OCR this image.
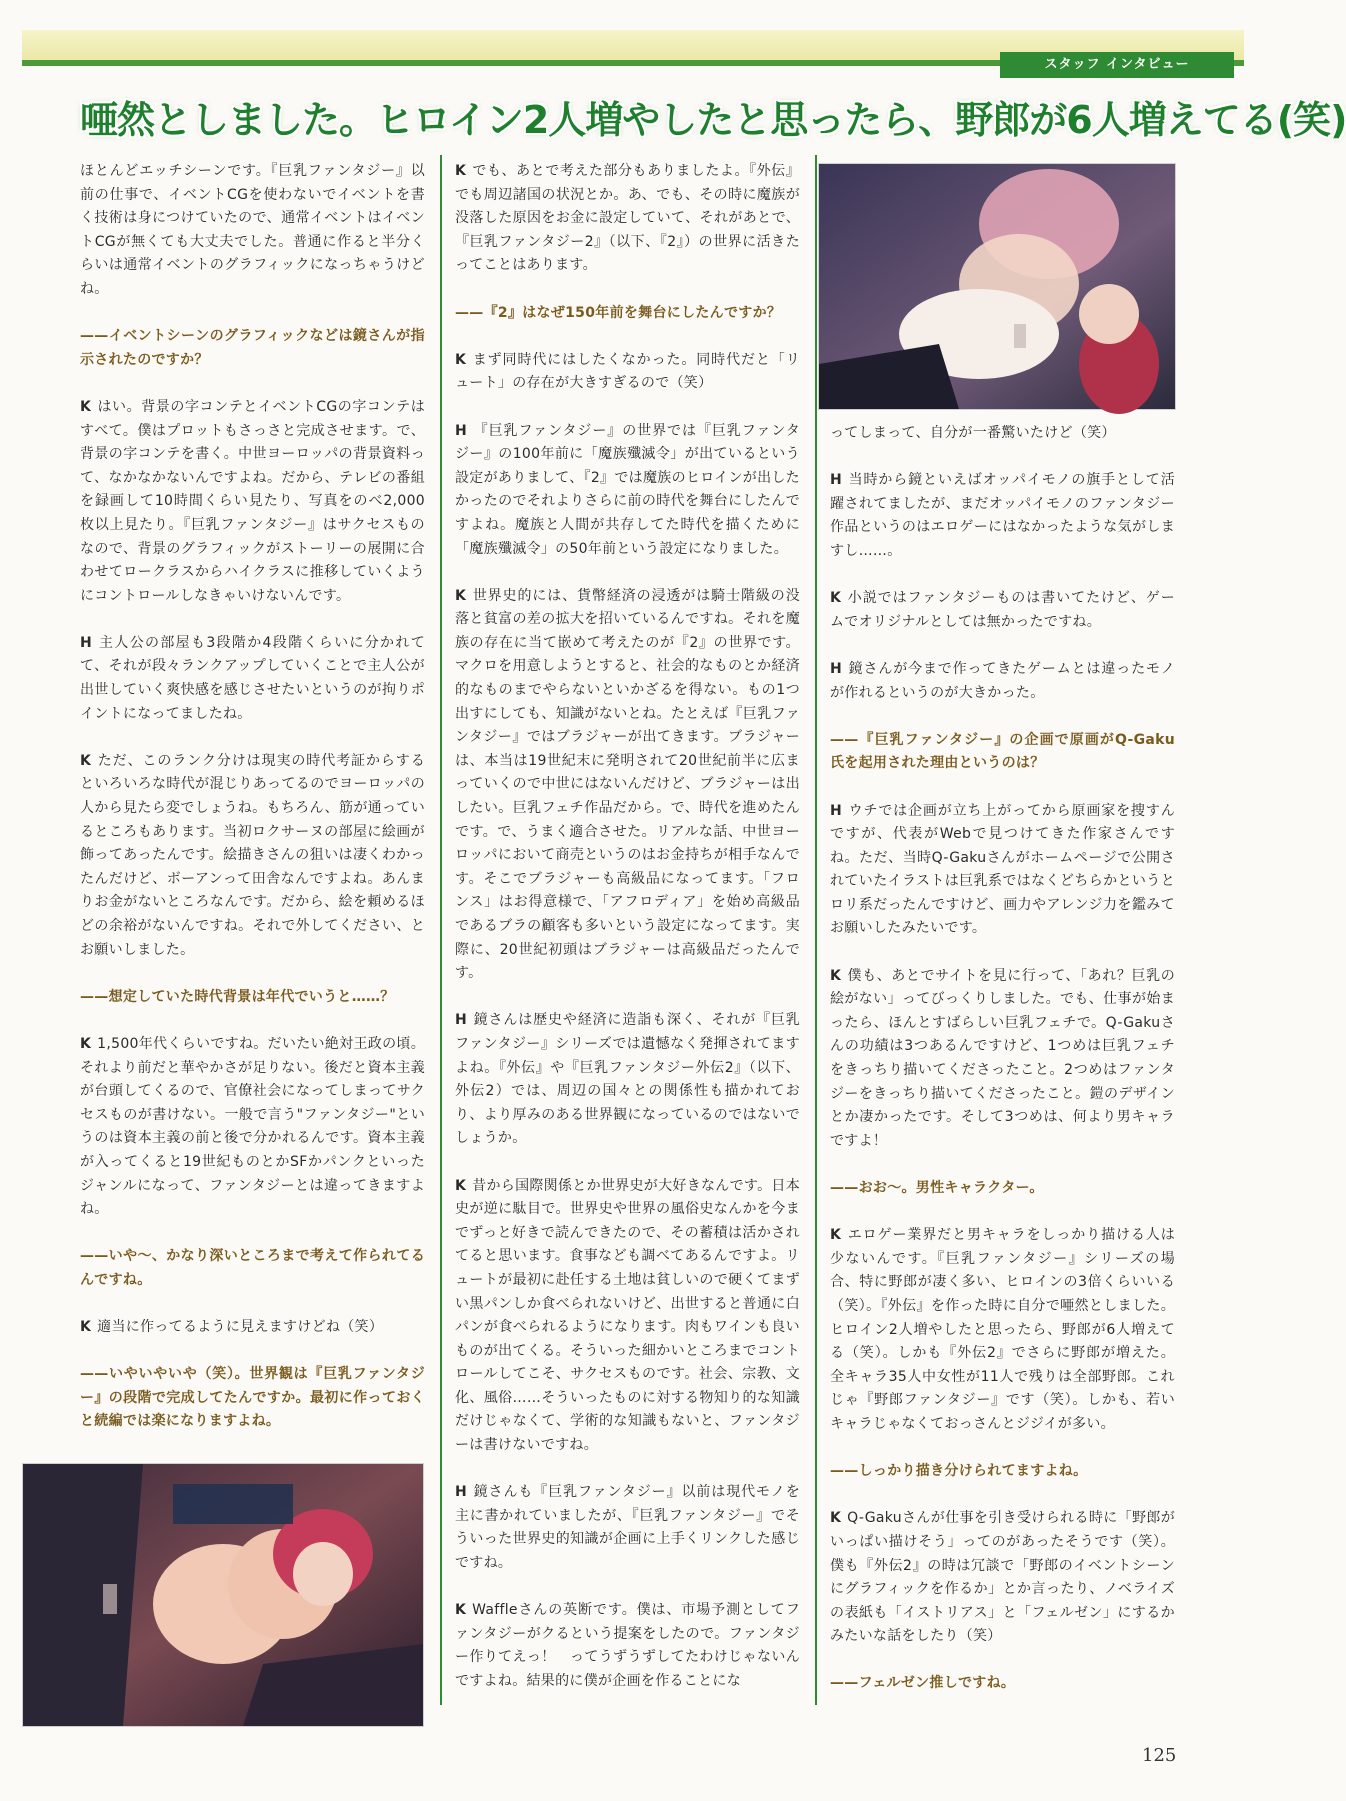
スタッフ インタビュー
唖然としました。ヒロイン2人増やしたと思ったら、野郎が6人増えてる(笑)

ほとんどエッチシーンです。『巨乳ファンタジー』以前の仕事で、イベントCGを使わないでイベントを書く技術は身につけていたので、通常イベントはイベントCGが無くても大丈夫でした。普通に作ると半分くらいは通常イベントのグラフィックになっちゃうけどね。

——イベントシーンのグラフィックなどは鏡さんが指示されたのですか？

K はい。背景の字コンテとイベントCGの字コンテはすべて。僕はプロットもさっさと完成させます。で、背景の字コンテを書く。中世ヨーロッパの背景資料って、なかなかないんですよね。だから、テレビの番組を録画して10時間くらい見たり、写真をのべ2,000枚以上見たり。『巨乳ファンタジー』はサクセスものなので、背景のグラフィックがストーリーの展開に合わせてロークラスからハイクラスに推移していくようにコントロールしなきゃいけないんです。

H 主人公の部屋も3段階か4段階くらいに分かれてて、それが段々ランクアップしていくことで主人公が出世していく爽快感を感じさせたいというのが拘りポイントになってましたね。

K ただ、このランク分けは現実の時代考証からするといろいろな時代が混じりあってるのでヨーロッパの人から見たら変でしょうね。もちろん、筋が通っているところもあります。当初ロクサーヌの部屋に絵画が飾ってあったんです。絵描きさんの狙いは凄くわかったんだけど、ボーアンって田舎なんですよね。あんまりお金がないところなんです。だから、絵を頼めるほどの余裕がないんですね。それで外してください、とお願いしました。

——想定していた時代背景は年代でいうと……？

K 1,500年代くらいですね。だいたい絶対王政の頃。それより前だと華やかさが足りない。後だと資本主義が台頭してくるので、官僚社会になってしまってサクセスものが書けない。一般で言う"ファンタジー"というのは資本主義の前と後で分かれるんです。資本主義が入ってくると19世紀ものとかSFかパンクといったジャンルになって、ファンタジーとは違ってきますよね。

——いや～、かなり深いところまで考えて作られてるんですね。

K 適当に作ってるように見えますけどね（笑）

——いやいやいや（笑）。世界観は『巨乳ファンタジー』の段階で完成してたんですか。最初に作っておくと続編では楽になりますよね。

K でも、あとで考えた部分もありましたよ。『外伝』でも周辺諸国の状況とか。あ、でも、その時に魔族が没落した原因をお金に設定していて、それがあとで、『巨乳ファンタジー2』（以下、『2』）の世界に活きたってことはあります。

——『2』はなぜ150年前を舞台にしたんですか？

K まず同時代にはしたくなかった。同時代だと「リュート」の存在が大きすぎるので（笑）

H 『巨乳ファンタジー』の世界では『巨乳ファンタジー』の100年前に「魔族殲滅令」が出ているという設定がありまして、『2』では魔族のヒロインが出したかったのでそれよりさらに前の時代を舞台にしたんですよね。魔族と人間が共存してた時代を描くために「魔族殲滅令」の50年前という設定になりました。

K 世界史的には、貨幣経済の浸透がは騎士階級の没落と貧富の差の拡大を招いているんですね。それを魔族の存在に当て嵌めて考えたのが『2』の世界です。マクロを用意しようとすると、社会的なものとか経済的なものまでやらないといかざるを得ない。もの1つ出すにしても、知識がないとね。たとえば『巨乳ファンタジー』ではブラジャーが出てきます。ブラジャーは、本当は19世紀末に発明されて20世紀前半に広まっていくので中世にはないんだけど、ブラジャーは出したい。巨乳フェチ作品だから。で、時代を進めたんです。で、うまく適合させた。リアルな話、中世ヨーロッパにおいて商売というのはお金持ちが相手なんです。そこでブラジャーも高級品になってます。「フロンス」はお得意様で、「アフロディア」を始め高級品であるブラの顧客も多いという設定になってます。実際に、20世紀初頭はブラジャーは高級品だったんです。

H 鏡さんは歴史や経済に造詣も深く、それが『巨乳ファンタジー』シリーズでは遺憾なく発揮されてますよね。『外伝』や『巨乳ファンタジー外伝2』（以下、外伝2）では、周辺の国々との関係性も描かれており、より厚みのある世界観になっているのではないでしょうか。

K 昔から国際関係とか世界史が大好きなんです。日本史が逆に駄目で。世界史や世界の風俗史なんかを今までずっと好きで読んできたので、その蓄積は活かされてると思います。食事なども調べてあるんですよ。リュートが最初に赴任する土地は貧しいので硬くてまずい黒パンしか食べられないけど、出世すると普通に白パンが食べられるようになります。肉もワインも良いものが出てくる。そういった細かいところまでコントロールしてこそ、サクセスものです。社会、宗教、文化、風俗……そういったものに対する物知り的な知識だけじゃなくて、学術的な知識もないと、ファンタジーは書けないですね。

H 鏡さんも『巨乳ファンタジー』以前は現代モノを主に書かれていましたが、『巨乳ファンタジー』でそういった世界史的知識が企画に上手くリンクした感じですね。

K Waffleさんの英断です。僕は、市場予測としてファンタジーがクるという提案をしたので。ファンタジー作りてえっ！　ってうずうずしてたわけじゃないんですよね。結果的に僕が企画を作ることにな

ってしまって、自分が一番驚いたけど（笑）

H 当時から鏡といえばオッパイモノの旗手として活躍されてましたが、まだオッパイモノのファンタジー作品というのはエロゲーにはなかったような気がしますし……。

K 小説ではファンタジーものは書いてたけど、ゲームでオリジナルとしては無かったですね。

H 鏡さんが今まで作ってきたゲームとは違ったモノが作れるというのが大きかった。

——『巨乳ファンタジー』の企画で原画がQ-Gaku氏を起用された理由というのは？

H ウチでは企画が立ち上がってから原画家を捜すんですが、代表がWebで見つけてきた作家さんですね。ただ、当時Q-Gakuさんがホームページで公開されていたイラストは巨乳系ではなくどちらかというとロリ系だったんですけど、画力やアレンジ力を鑑みてお願いしたみたいです。

K 僕も、あとでサイトを見に行って、「あれ？巨乳の絵がない」ってびっくりしました。でも、仕事が始まったら、ほんとすばらしい巨乳フェチで。Q-Gakuさんの功績は3つあるんですけど、1つめは巨乳フェチをきっちり描いてくださったこと。2つめはファンタジーをきっちり描いてくださったこと。鎧のデザインとか凄かったです。そして3つめは、何より男キャラですよ！

——おお～。男性キャラクター。

K エロゲー業界だと男キャラをしっかり描ける人は少ないんです。『巨乳ファンタジー』シリーズの場合、特に野郎が凄く多い、ヒロインの3倍くらいいる（笑）。『外伝』を作った時に自分で唖然としました。ヒロイン2人増やしたと思ったら、野郎が6人増えてる（笑）。しかも『外伝2』でさらに野郎が増えた。全キャラ35人中女性が11人で残りは全部野郎。これじゃ『野郎ファンタジー』です（笑）。しかも、若いキャラじゃなくておっさんとジジイが多い。

——しっかり描き分けられてますよね。

K Q-Gakuさんが仕事を引き受けられる時に「野郎がいっぱい描けそう」ってのがあったそうです（笑）。僕も『外伝2』の時は冗談で「野郎のイベントシーンにグラフィックを作るか」とか言ったり、ノベライズの表紙も「イストリアス」と「フェルゼン」にするかみたいな話をしたり（笑）

——フェルゼン推しですね。

125
